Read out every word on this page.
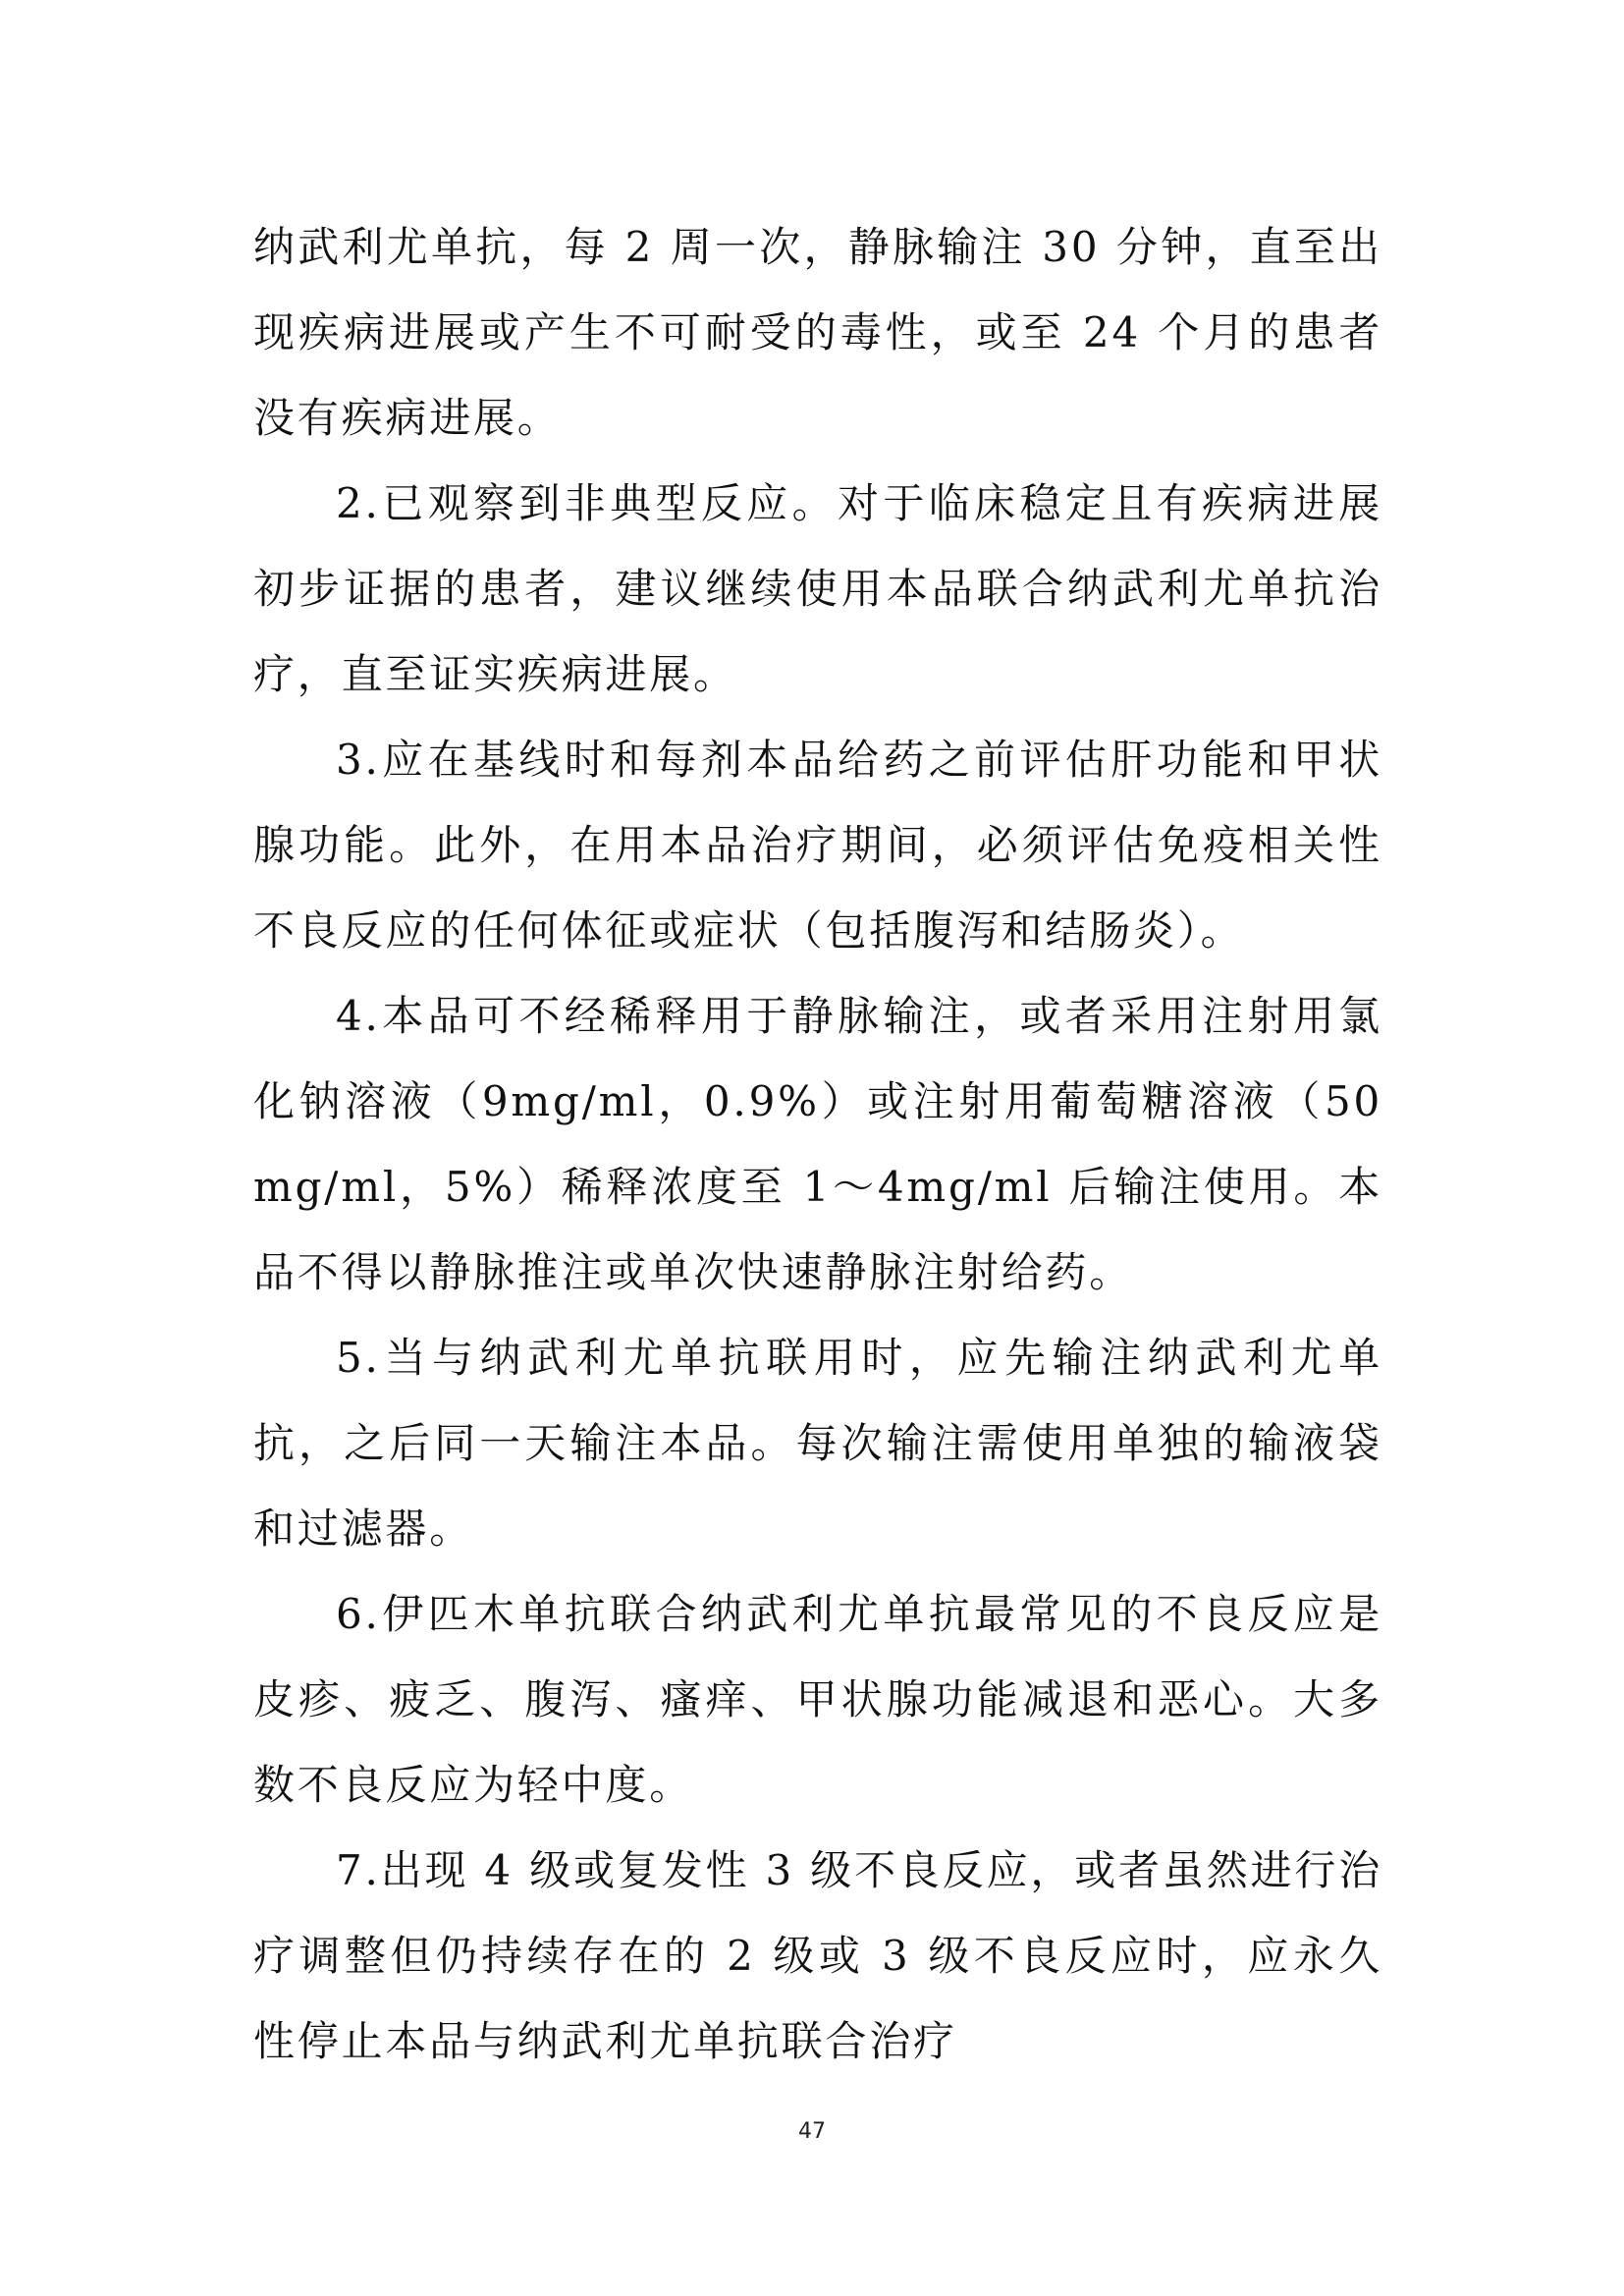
纳武利尤单抗，每 2 周一次，静脉输注 30 分钟，直至出现疾病进展或产生不可耐受的毒性，或至 24 个月的患者没有疾病进展。

2.已观察到非典型反应。对于临床稳定且有疾病进展初步证据的患者，建议继续使用本品联合纳武利尤单抗治疗，直至证实疾病进展。

3.应在基线时和每剂本品给药之前评估肝功能和甲状腺功能。此外，在用本品治疗期间，必须评估免疫相关性不良反应的任何体征或症状（包括腹泻和结肠炎）。

4.本品可不经稀释用于静脉输注，或者采用注射用氯化钠溶液（9mg/ml，0.9%）或注射用葡萄糖溶液（50mg/ml，5%）稀释浓度至 1～4mg/ml 后输注使用。本品不得以静脉推注或单次快速静脉注射给药。

5.当与纳武利尤单抗联用时，应先输注纳武利尤单抗，之后同一天输注本品。每次输注需使用单独的输液袋和过滤器。

6.伊匹木单抗联合纳武利尤单抗最常见的不良反应是皮疹、疲乏、腹泻、瘙痒、甲状腺功能减退和恶心。大多数不良反应为轻中度。

7.出现 4 级或复发性 3 级不良反应，或者虽然进行治疗调整但仍持续存在的 2 级或 3 级不良反应时，应永久性停止本品与纳武利尤单抗联合治疗

47
